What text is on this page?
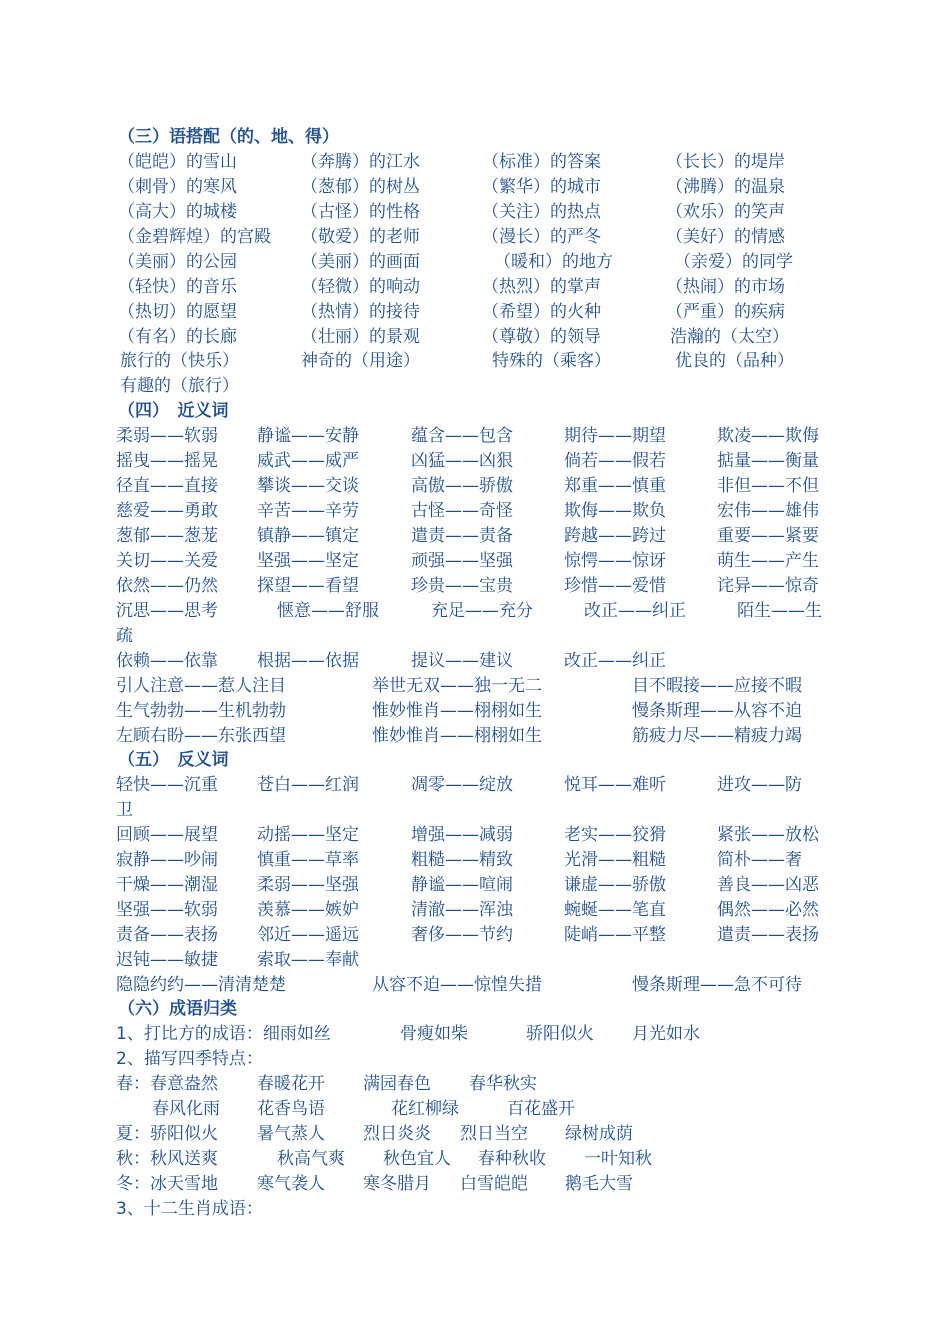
（三）语搭配（的、地、得）
（皑皑）的雪山	（奔腾）的江水	（标准）的答案	（长长）的堤岸
（刺骨）的寒风	（葱郁）的树丛	（繁华）的城市	（沸腾）的温泉
（高大）的城楼	（古怪）的性格	（关注）的热点	（欢乐）的笑声
（金碧辉煌）的宫殿 （敬爱）的老师	（漫长）的严冬	（美好）的情感
（美丽）的公园	（美丽）的画面	（暖和）的地方	（亲爱）的同学
（轻快）的音乐	（轻微）的响动	（热烈）的掌声	（热闹）的市场
（热切）的愿望	（热情）的接待	（希望）的火种	（严重）的疾病
（有名）的长廊	（壮丽）的景观	（尊敬）的领导	浩瀚的（太空）
旅行的（快乐）	神奇的（用途）	特殊的（乘客）	优良的（品种）
有趣的（旅行）
（四）　近义词
柔弱——软弱 静谧——安静	蕴含——包含	期待——期望	欺凌——欺侮
摇曳——摇晃 威武——威严	凶猛——凶狠	倘若——假若	掂量——衡量
径直——直接 攀谈——交谈	高傲——骄傲	郑重——慎重	非但——不但
慈爱——勇敢 辛苦——辛劳	古怪——奇怪	欺侮——欺负	宏伟——雄伟
葱郁——葱茏 镇静——镇定	遣责——责备	跨越——跨过	重要——紧要
关切——关爱 坚强——坚定	顽强——坚强	惊愕——惊讶	萌生——产生
依然——仍然 探望——看望	珍贵——宝贵	珍惜——爱惜	诧异——惊奇
沉思——思考	惬意——舒服	充足——充分	改正——纠正	陌生——生
疏
依赖——依靠 根据——依据	提议——建议	改正——纠正
引人注意——惹人注目	举世无双——独一无二	目不暇接——应接不暇
生气勃勃——生机勃勃	惟妙惟肖——栩栩如生	慢条斯理——从容不迫
左顾右盼——东张西望	惟妙惟肖——栩栩如生	筋疲力尽——精疲力竭
（五）　反义词
轻快——沉重 苍白——红润	凋零——绽放	悦耳——难听	进攻——防
卫
回顾——展望 动摇——坚定	增强——减弱	老实——狡猾	紧张——放松
寂静——吵闹 慎重——草率	粗糙——精致	光滑——粗糙	简朴——奢
干燥——潮湿 柔弱——坚强	静谧——喧闹	谦虚——骄傲	善良——凶恶
坚强——软弱 羡慕——嫉妒	清澈——浑浊	蜿蜒——笔直	偶然——必然
责备——表扬 邻近——遥远	奢侈——节约	陡峭——平整	遣责——表扬
迟钝——敏捷 索取——奉献
隐隐约约——清清楚楚	从容不迫——惊惶失措	慢条斯理——急不可待
（六）成语归类
1、打比方的成语：细雨如丝	骨瘦如柴	骄阳似火 月光如水
2、描写四季特点：
春：春意盎然 春暖花开 满园春色 春华秋实
春风化雨 花香鸟语	花红柳绿	百花盛开
夏：骄阳似火 暑气蒸人 烈日炎炎 烈日当空 绿树成荫
秋：秋风送爽	秋高气爽 秋色宜人 春种秋收 一叶知秋
冬：冰天雪地 寒气袭人 寒冬腊月 白雪皑皑 鹅毛大雪
3、十二生肖成语：
